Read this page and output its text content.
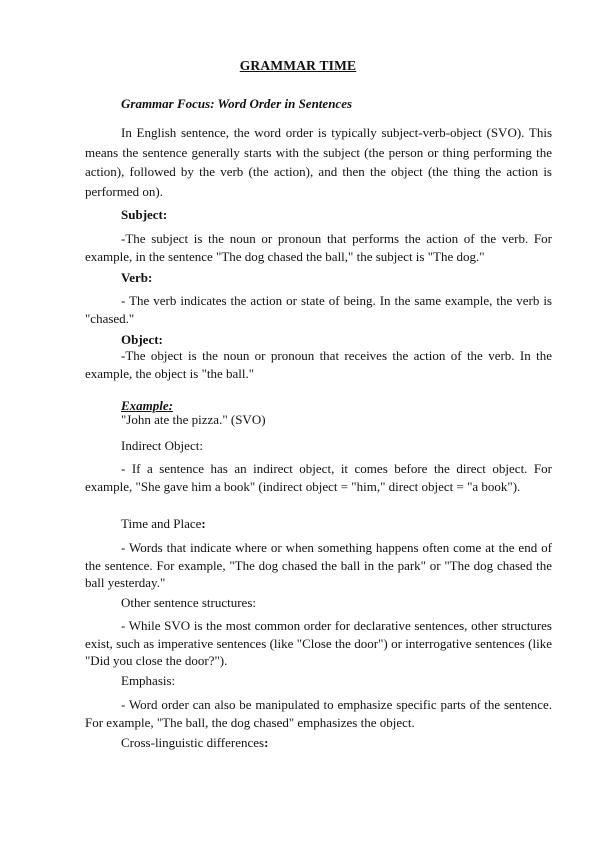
GRAMMAR TIME
Grammar Focus: Word Order in Sentences

In English sentence, the word order is typically subject-verb-object (SVO). This means the sentence generally starts with the subject (the person or thing performing the action), followed by the verb (the action), and then the object (the thing the action is performed on).

Subject:

-The subject is the noun or pronoun that performs the action of the verb. For example, in the sentence "The dog chased the ball," the subject is "The dog."

Verb:

- The verb indicates the action or state of being. In the same example, the verb is "chased."

Object:

-The object is the noun or pronoun that receives the action of the verb. In the example, the object is "the ball."

Example:
"John ate the pizza." (SVO)
Indirect Object:

- If a sentence has an indirect object, it comes before the direct object. For example, "She gave him a book" (indirect object = "him," direct object = "a book").

Time and Place:

- Words that indicate where or when something happens often come at the end of the sentence. For example, "The dog chased the ball in the park" or "The dog chased the ball yesterday."

Other sentence structures:

- While SVO is the most common order for declarative sentences, other structures exist, such as imperative sentences (like "Close the door") or interrogative sentences (like "Did you close the door?").

Emphasis:

- Word order can also be manipulated to emphasize specific parts of the sentence. For example, "The ball, the dog chased" emphasizes the object.

Cross-linguistic differences:
